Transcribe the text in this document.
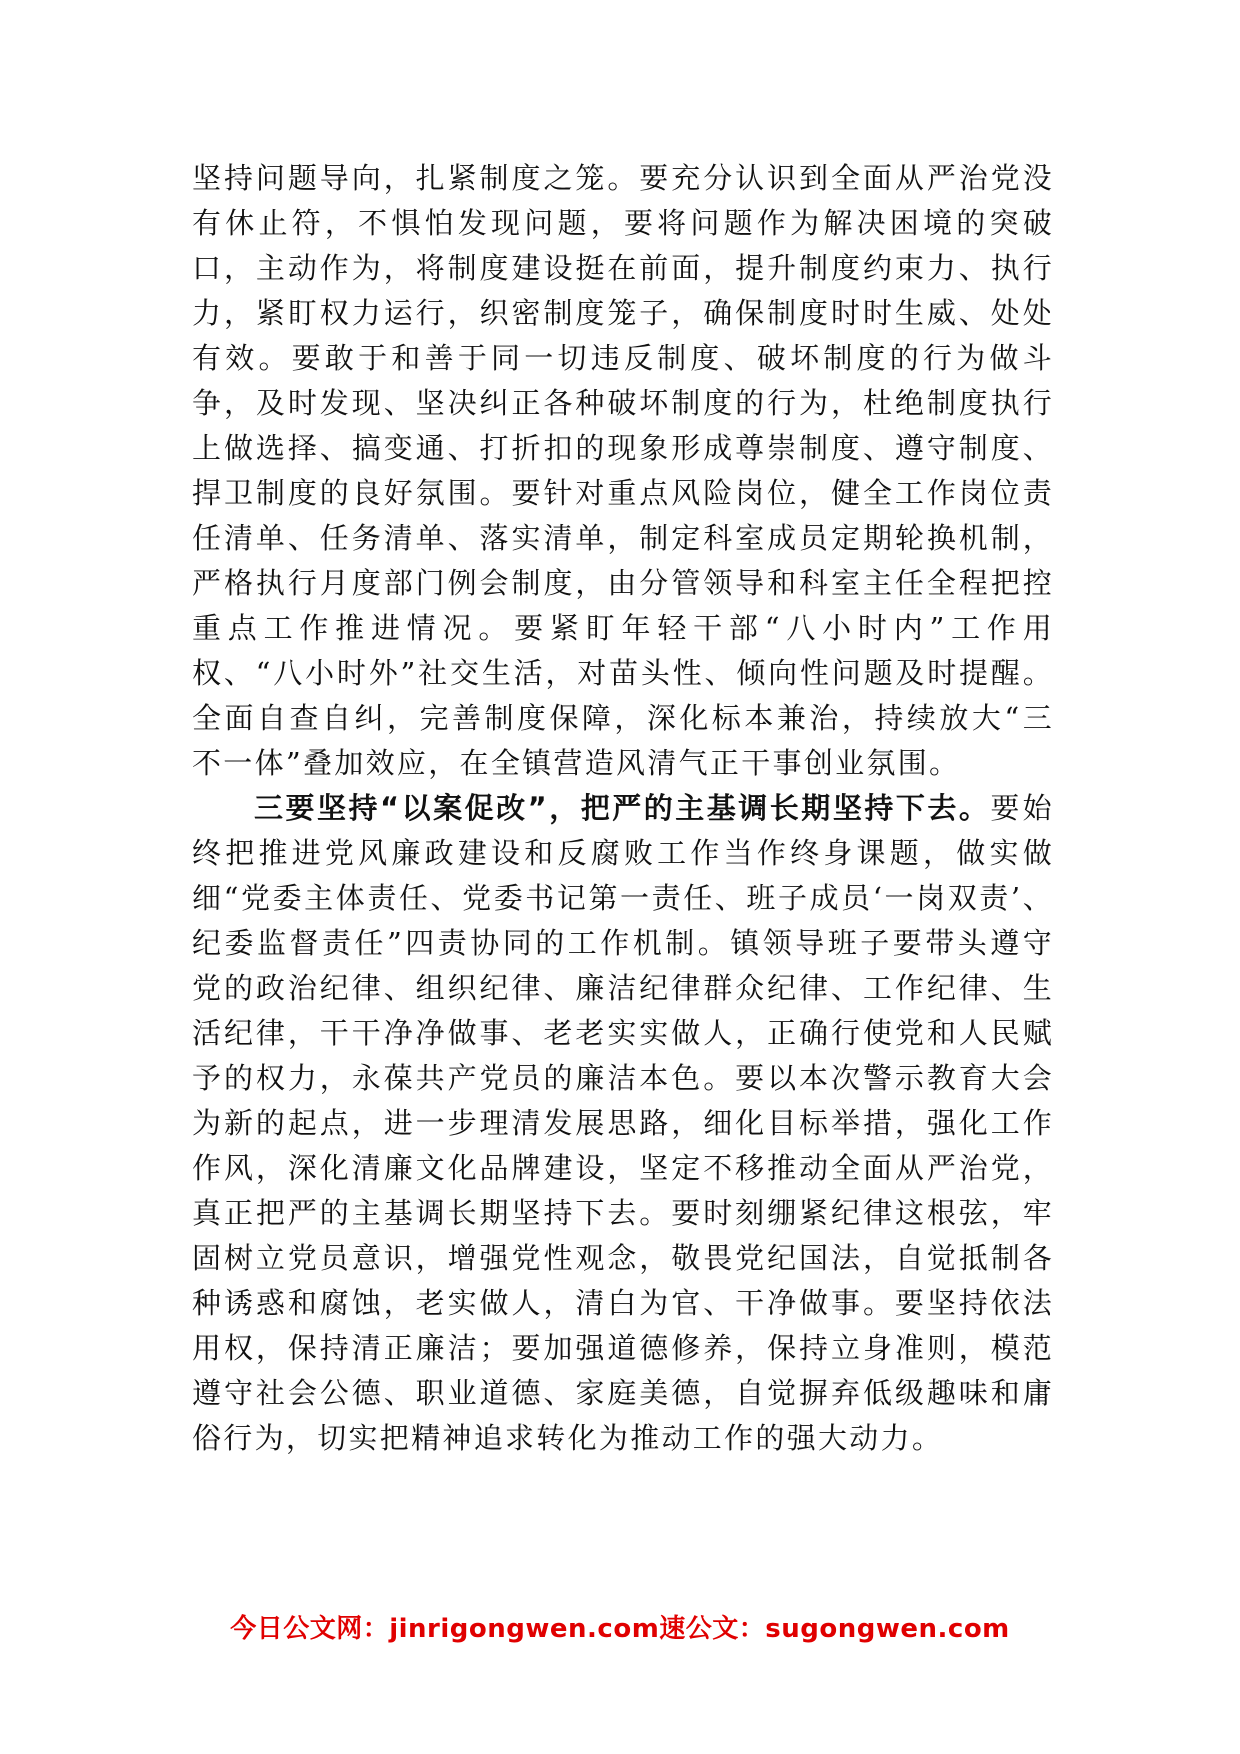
坚持问题导向，扎紧制度之笼。要充分认识到全面从严治党没有休止符，不惧怕发现问题，要将问题作为解决困境的突破口，主动作为，将制度建设挺在前面，提升制度约束力、执行力，紧盯权力运行，织密制度笼子，确保制度时时生威、处处有效。要敢于和善于同一切违反制度、破坏制度的行为做斗争，及时发现、坚决纠正各种破坏制度的行为，杜绝制度执行上做选择、搞变通、打折扣的现象形成尊崇制度、遵守制度、捍卫制度的良好氛围。要针对重点风险岗位，健全工作岗位责任清单、任务清单、落实清单，制定科室成员定期轮换机制，严格执行月度部门例会制度，由分管领导和科室主任全程把控重点工作推进情况。要紧盯年轻干部“八小时内”工作用权、“八小时外”社交生活，对苗头性、倾向性问题及时提醒。全面自查自纠，完善制度保障，深化标本兼治，持续放大“三不一体”叠加效应，在全镇营造风清气正干事创业氛围。

三要坚持“以案促改”，把严的主基调长期坚持下去。要始终把推进党风廉政建设和反腐败工作当作终身课题，做实做细“党委主体责任、党委书记第一责任、班子成员‘一岗双责’、纪委监督责任”四责协同的工作机制。镇领导班子要带头遵守党的政治纪律、组织纪律、廉洁纪律群众纪律、工作纪律、生活纪律，干干净净做事、老老实实做人，正确行使党和人民赋予的权力，永葆共产党员的廉洁本色。要以本次警示教育大会为新的起点，进一步理清发展思路，细化目标举措，强化工作作风，深化清廉文化品牌建设，坚定不移推动全面从严治党，真正把严的主基调长期坚持下去。要时刻绷紧纪律这根弦，牢固树立党员意识，增强党性观念，敬畏党纪国法，自觉抵制各种诱惑和腐蚀，老实做人，清白为官、干净做事。要坚持依法用权，保持清正廉洁；要加强道德修养，保持立身准则，模范遵守社会公德、职业道德、家庭美德，自觉摒弃低级趣味和庸俗行为，切实把精神追求转化为推动工作的强大动力。

今日公文网：jinrigongwen.com速公文：sugongwen.com
